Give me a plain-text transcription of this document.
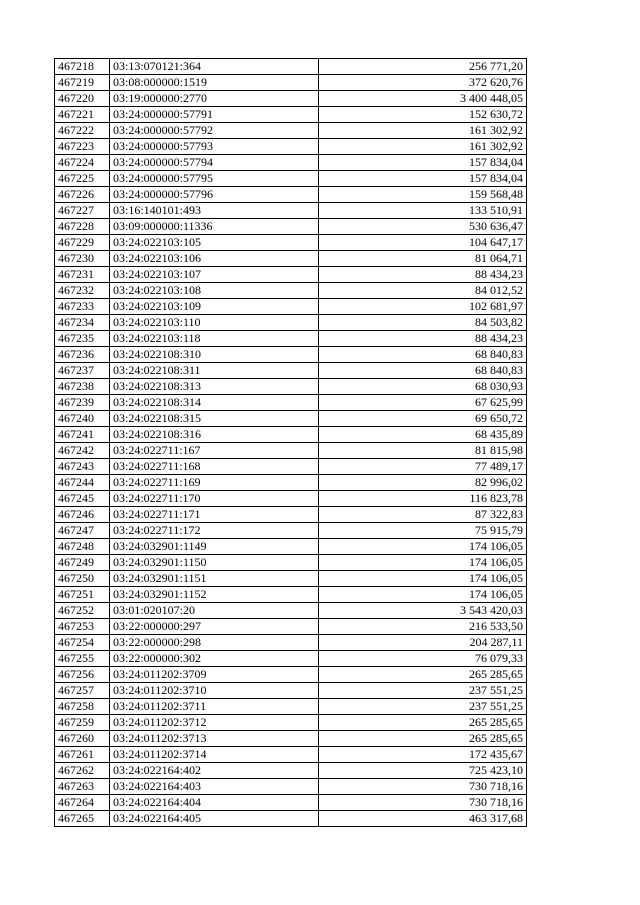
467218	03:13:070121:364	256 771,20
467219	03:08:000000:1519	372 620,76
467220	03:19:000000:2770	3 400 448,05
467221	03:24:000000:57791	152 630,72
467222	03:24:000000:57792	161 302,92
467223	03:24:000000:57793	161 302,92
467224	03:24:000000:57794	157 834,04
467225	03:24:000000:57795	157 834,04
467226	03:24:000000:57796	159 568,48
467227	03:16:140101:493	133 510,91
467228	03:09:000000:11336	530 636,47
467229	03:24:022103:105	104 647,17
467230	03:24:022103:106	81 064,71
467231	03:24:022103:107	88 434,23
467232	03:24:022103:108	84 012,52
467233	03:24:022103:109	102 681,97
467234	03:24:022103:110	84 503,82
467235	03:24:022103:118	88 434,23
467236	03:24:022108:310	68 840,83
467237	03:24:022108:311	68 840,83
467238	03:24:022108:313	68 030,93
467239	03:24:022108:314	67 625,99
467240	03:24:022108:315	69 650,72
467241	03:24:022108:316	68 435,89
467242	03:24:022711:167	81 815,98
467243	03:24:022711:168	77 489,17
467244	03:24:022711:169	82 996,02
467245	03:24:022711:170	116 823,78
467246	03:24:022711:171	87 322,83
467247	03:24:022711:172	75 915,79
467248	03:24:032901:1149	174 106,05
467249	03:24:032901:1150	174 106,05
467250	03:24:032901:1151	174 106,05
467251	03:24:032901:1152	174 106,05
467252	03:01:020107:20	3 543 420,03
467253	03:22:000000:297	216 533,50
467254	03:22:000000:298	204 287,11
467255	03:22:000000:302	76 079,33
467256	03:24:011202:3709	265 285,65
467257	03:24:011202:3710	237 551,25
467258	03:24:011202:3711	237 551,25
467259	03:24:011202:3712	265 285,65
467260	03:24:011202:3713	265 285,65
467261	03:24:011202:3714	172 435,67
467262	03:24:022164:402	725 423,10
467263	03:24:022164:403	730 718,16
467264	03:24:022164:404	730 718,16
467265	03:24:022164:405	463 317,68
